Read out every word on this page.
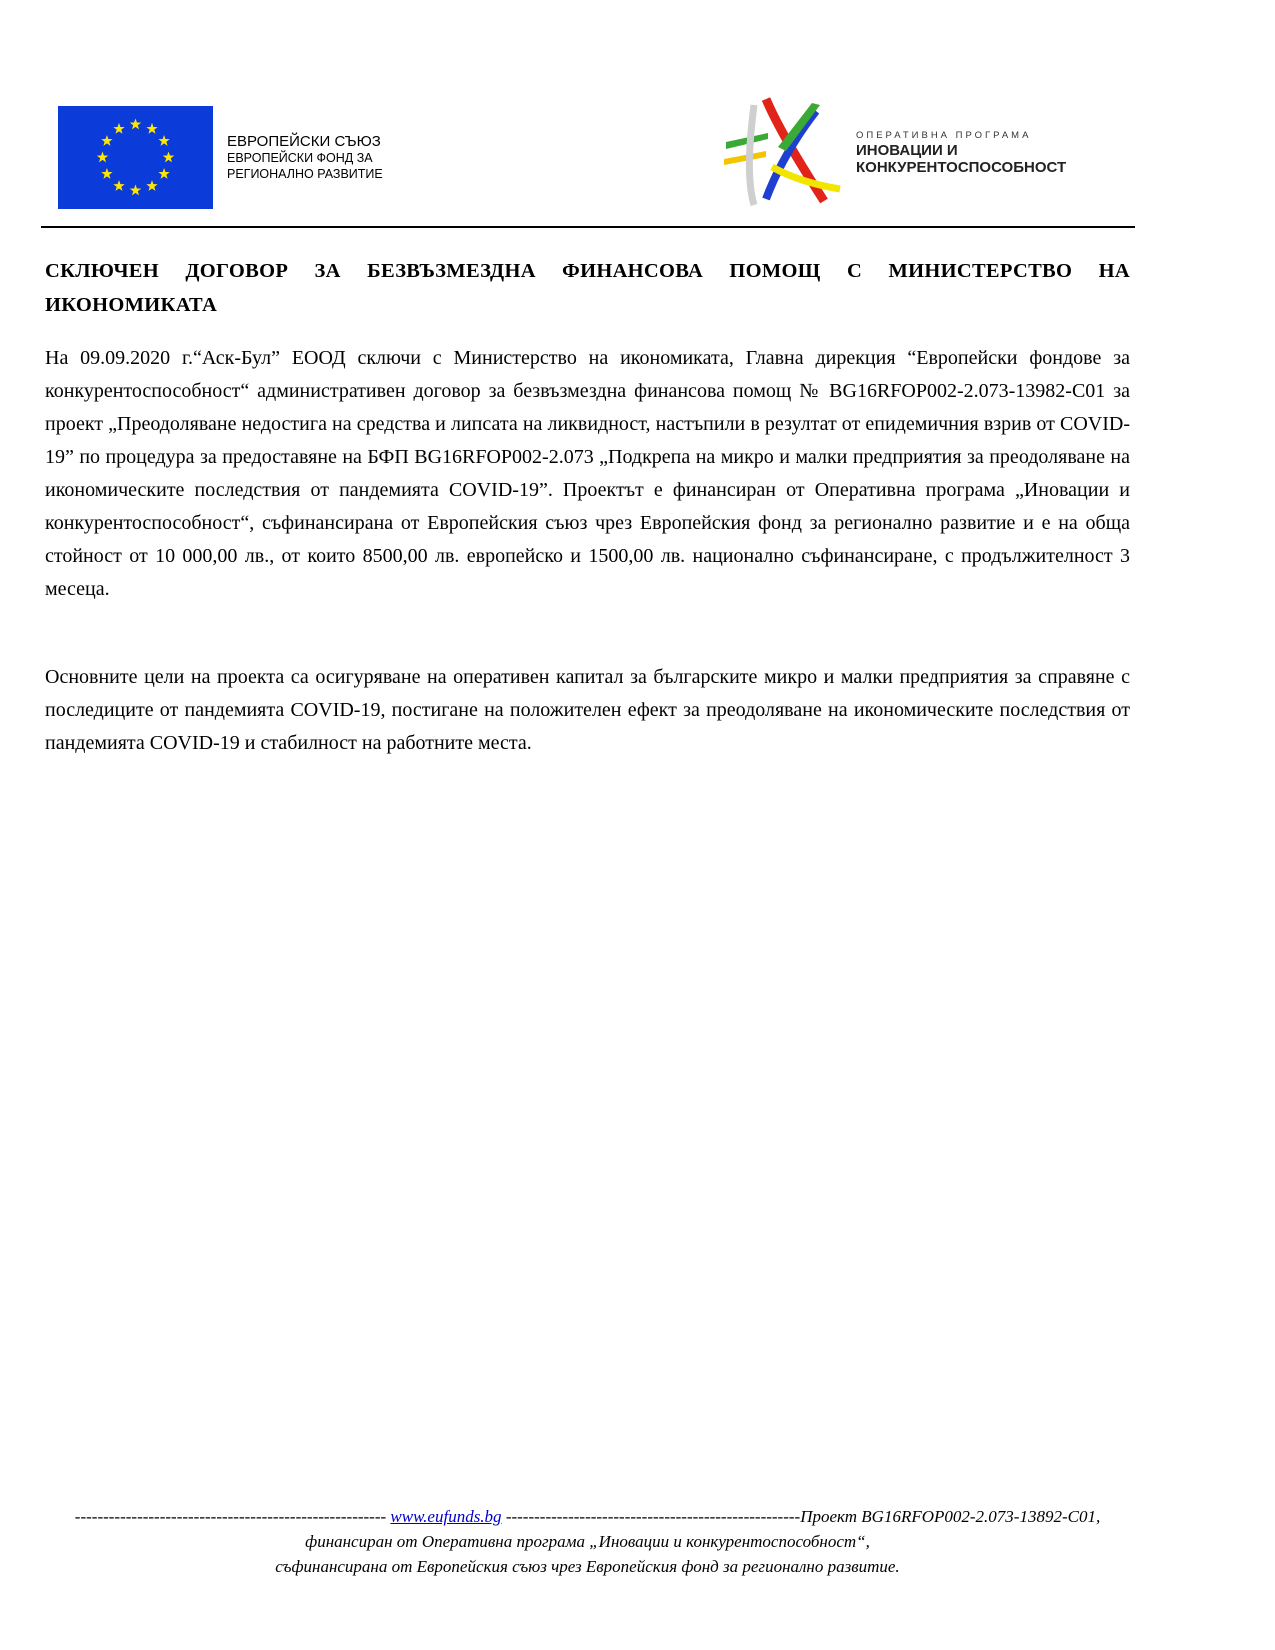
ЕВРОПЕЙСКИ СЪЮЗ
ЕВРОПЕЙСКИ ФОНД ЗА
РЕГИОНАЛНО РАЗВИТИЕ
ОПЕРАТИВНА ПРОГРАМА
ИНОВАЦИИ И
КОНКУРЕНТОСПОСОБНОСТ
СКЛЮЧЕН ДОГОВОР ЗА БЕЗВЪЗМЕЗДНА ФИНАНСОВА ПОМОЩ С МИНИСТЕРСТВО НА ИКОНОМИКАТА
На 09.09.2020 г.“Аск-Бул” ЕООД сключи с Министерство на икономиката, Главна дирекция “Европейски фондове за конкурентоспособност“ административен договор за безвъзмездна финансова помощ № BG16RFOP002-2.073-13982-C01 за проект „Преодоляване недостига на средства и липсата на ликвидност, настъпили в резултат от епидемичния взрив от COVID-19” по процедура за предоставяне на БФП BG16RFOP002-2.073 „Подкрепа на микро и малки предприятия за преодоляване на икономическите последствия от пандемията COVID-19”. Проектът е финансиран от Оперативна програма „Иновации и конкурентоспособност“, съфинансирана от Европейския съюз чрез Европейския фонд за регионално развитие и е на обща стойност от 10 000,00 лв., от които 8500,00 лв. европейско и 1500,00 лв. национално съфинансиране, с продължителност 3 месеца.
Основните цели на проекта са осигуряване на оперативен капитал за българските микро и малки предприятия за справяне с последиците от пандемията COVID-19, постигане на положителен ефект за преодоляване на икономическите последствия от пандемията COVID-19 и стабилност на работните места.
------------------------------------------------------- www.eufunds.bg ----------------------------------------------------Проект BG16RFOP002-2.073-13892-C01, финансиран от Оперативна програма „Иновации и конкурентоспособност“,
съфинансирана от Европейския съюз чрез Европейския фонд за регионално развитие.
